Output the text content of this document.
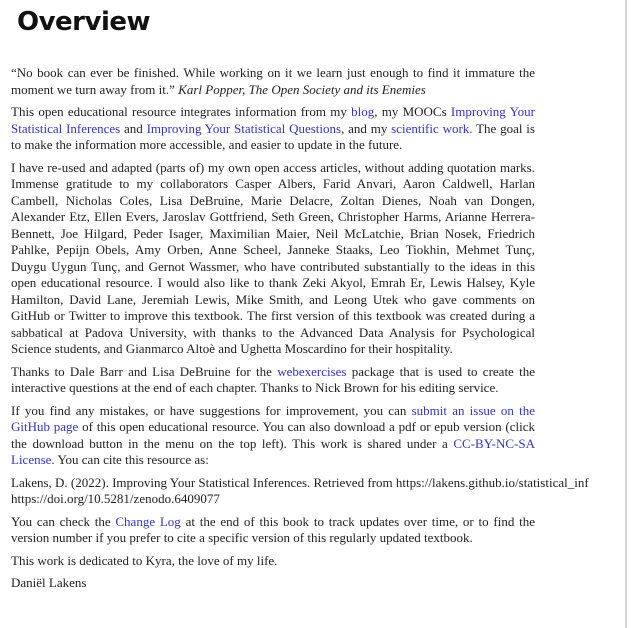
Overview

“No book can ever be finished. While working on it we learn just enough to find it immature the moment we turn away from it.” Karl Popper, The Open Society and its Enemies

This open educational resource integrates information from my blog, my MOOCs Improving Your Statistical Inferences and Improving Your Statistical Questions, and my scientific work. The goal is to make the information more accessible, and easier to update in the future.

I have re-used and adapted (parts of) my own open access articles, without adding quotation marks. Immense gratitude to my collaborators Casper Albers, Farid Anvari, Aaron Caldwell, Harlan Cambell, Nicholas Coles, Lisa DeBruine, Marie Delacre, Zoltan Dienes, Noah van Dongen, Alexander Etz, Ellen Evers, Jaroslav Gottfriend, Seth Green, Christopher Harms, Arianne Herrera-Bennett, Joe Hilgard, Peder Isager, Maximilian Maier, Neil McLatchie, Brian Nosek, Friedrich Pahlke, Pepijn Obels, Amy Orben, Anne Scheel, Janneke Staaks, Leo Tiokhin, Mehmet Tunç, Duygu Uygun Tunç, and Gernot Wassmer, who have contributed substantially to the ideas in this open educational resource. I would also like to thank Zeki Akyol, Emrah Er, Lewis Halsey, Kyle Hamilton, David Lane, Jeremiah Lewis, Mike Smith, and Leong Utek who gave comments on GitHub or Twitter to improve this textbook. The first version of this textbook was created during a sabbatical at Padova University, with thanks to the Advanced Data Analysis for Psychological Science students, and Gianmarco Altoè and Ughetta Moscardino for their hospitality.

Thanks to Dale Barr and Lisa DeBruine for the webexercises package that is used to create the interactive questions at the end of each chapter. Thanks to Nick Brown for his editing service.

If you find any mistakes, or have suggestions for improvement, you can submit an issue on the GitHub page of this open educational resource. You can also download a pdf or epub version (click the download button in the menu on the top left). This work is shared under a CC-BY-NC-SA License. You can cite this resource as:

Lakens, D. (2022). Improving Your Statistical Inferences. Retrieved from https://lakens.github.io/statistical_inf
https://doi.org/10.5281/zenodo.6409077

You can check the Change Log at the end of this book to track updates over time, or to find the version number if you prefer to cite a specific version of this regularly updated textbook.

This work is dedicated to Kyra, the love of my life.

Daniël Lakens
